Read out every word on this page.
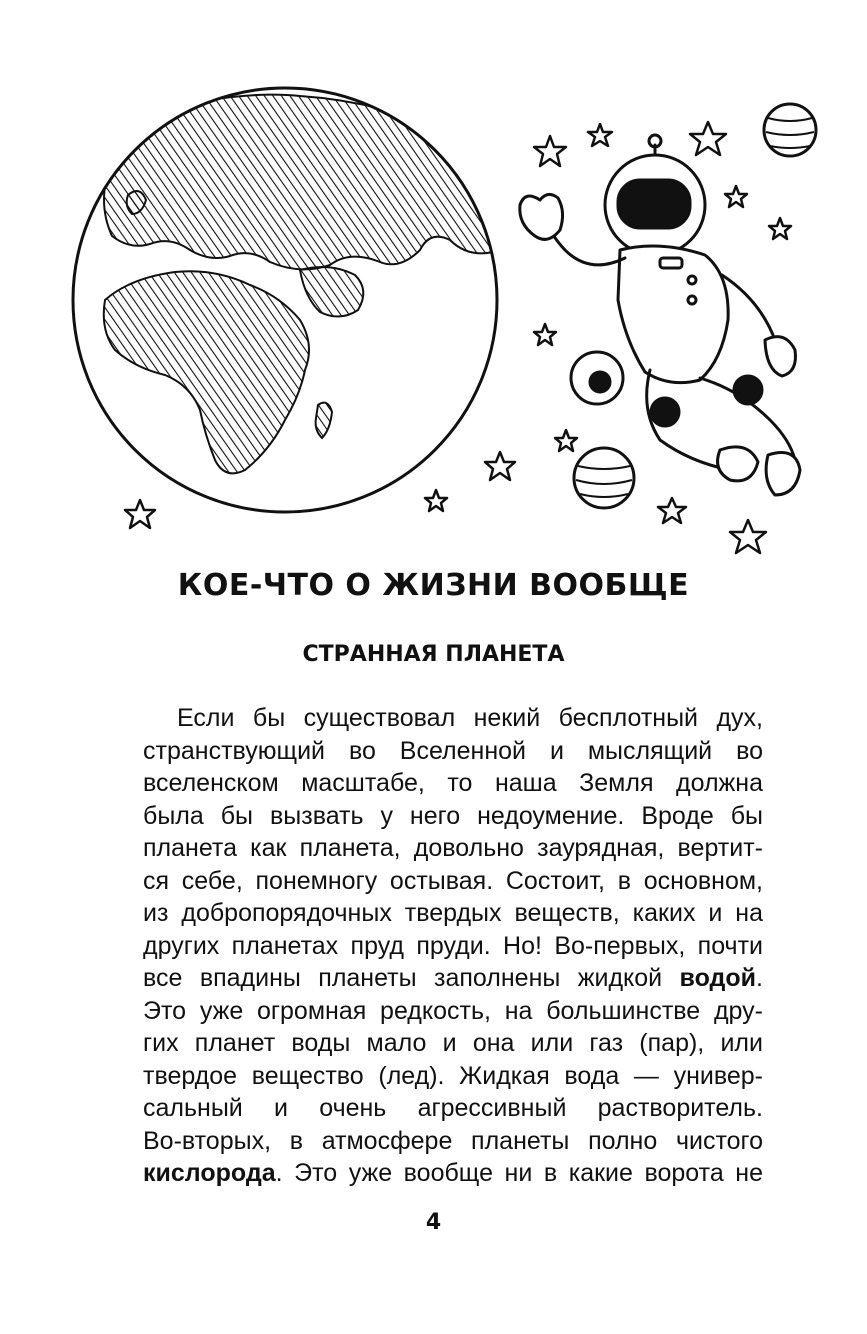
КОЕ-ЧТО О ЖИЗНИ ВООБЩЕ
СТРАННАЯ ПЛАНЕТА
Если бы существовал некий бесплотный дух,
странствующий во Вселенной и мыслящий во
вселенском масштабе, то наша Земля должна
была бы вызвать у него недоумение. Вроде бы
планета как планета, довольно заурядная, вертит-
ся себе, понемногу остывая. Состоит, в основном,
из добропорядочных твердых веществ, каких и на
других планетах пруд пруди. Но! Во-первых, почти
все впадины планеты заполнены жидкой водой.
Это уже огромная редкость, на большинстве дру-
гих планет воды мало и она или газ (пар), или
твердое вещество (лед). Жидкая вода — универ-
сальный и очень агрессивный растворитель.
Во-вторых, в атмосфере планеты полно чистого
кислорода. Это уже вообще ни в какие ворота не
4
